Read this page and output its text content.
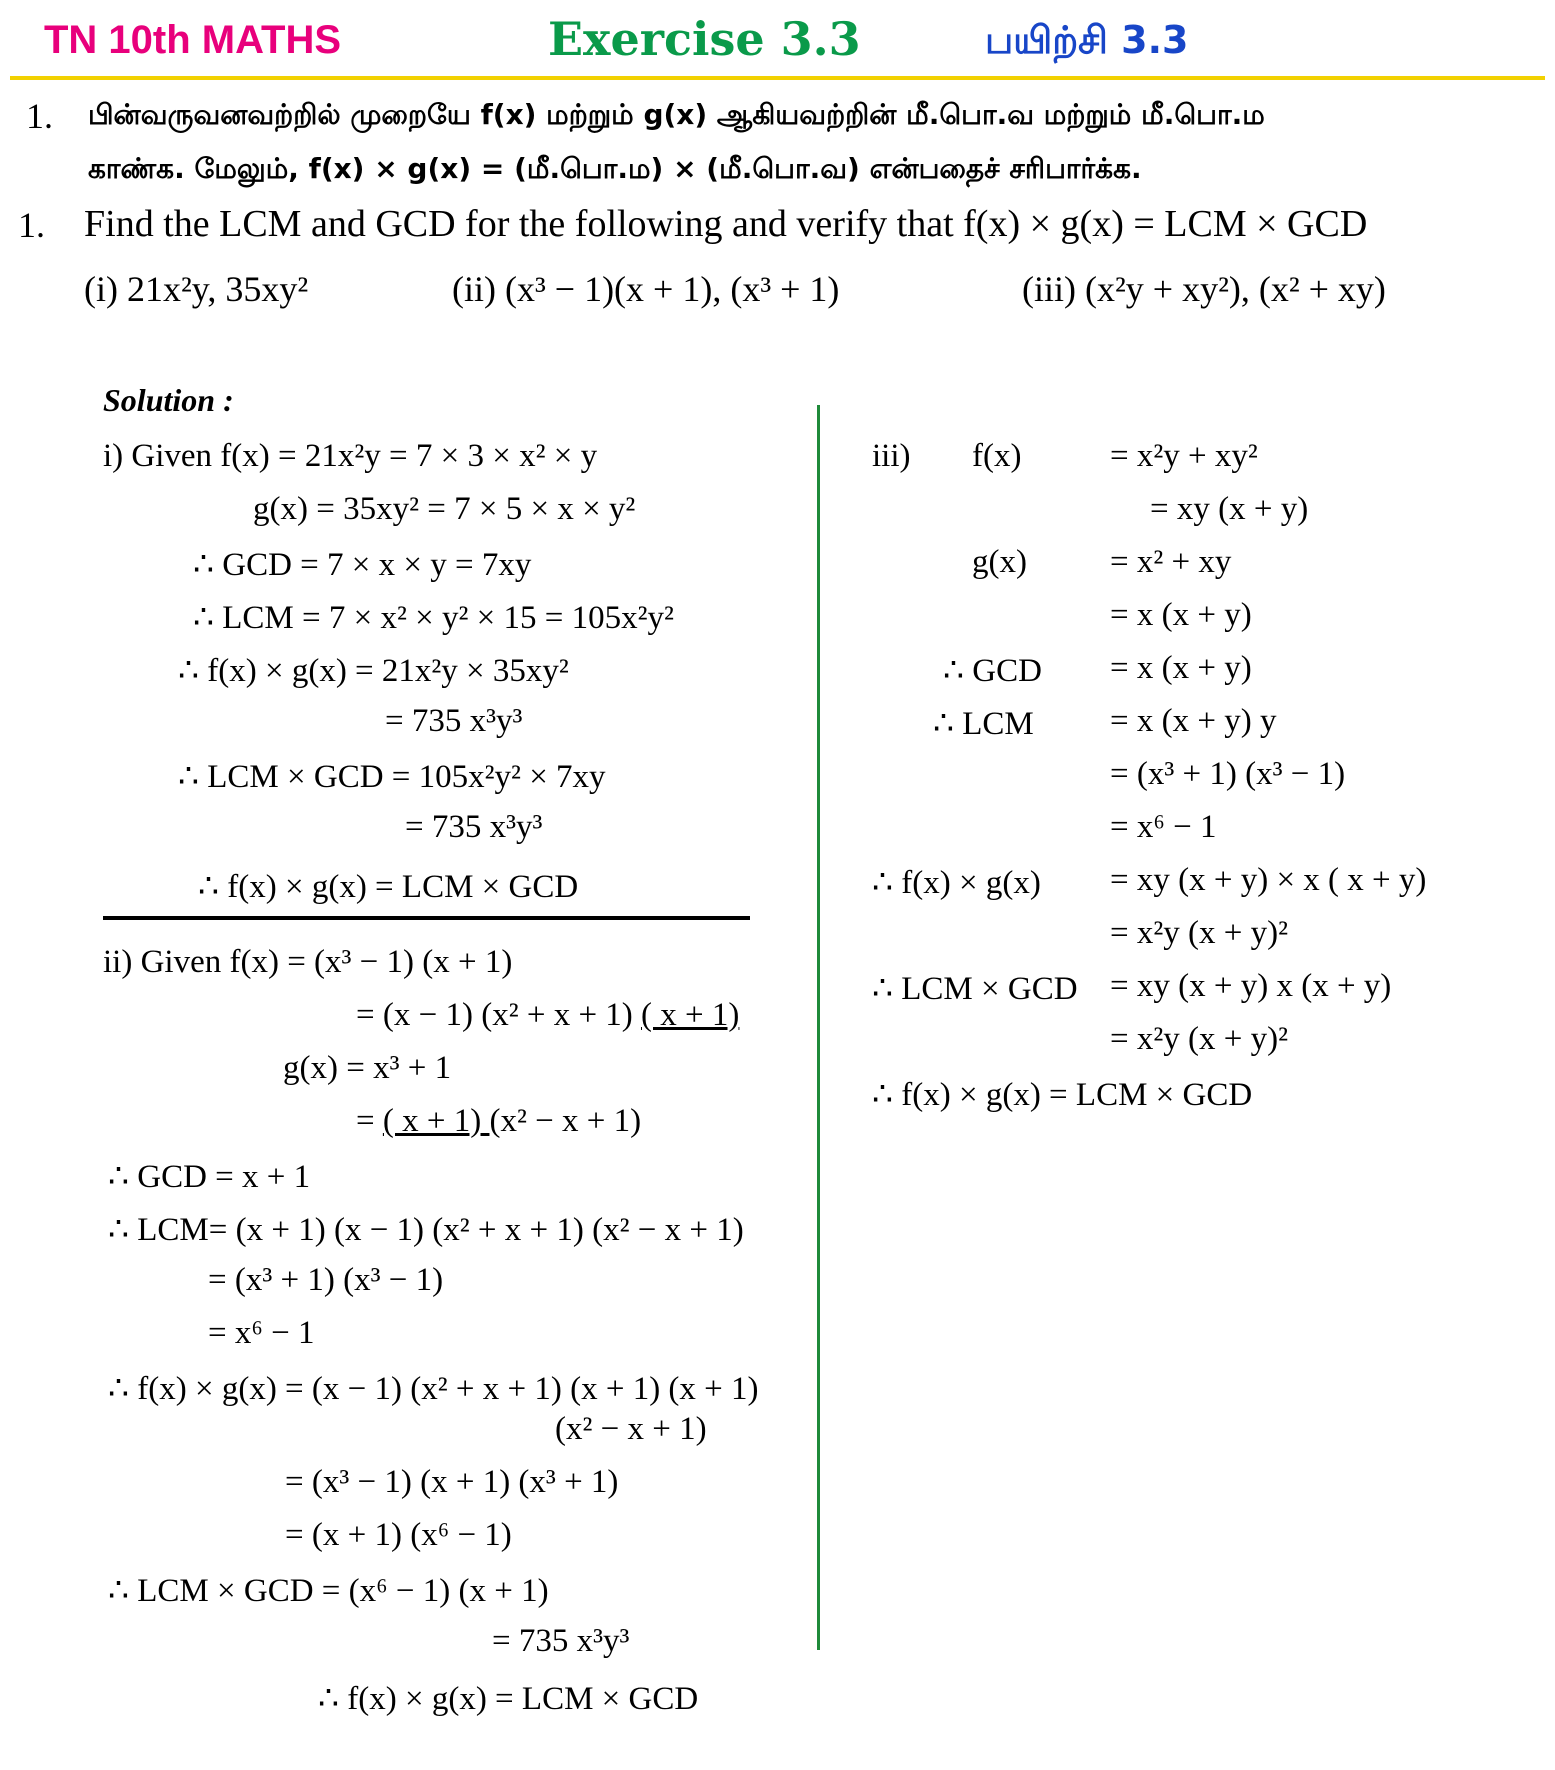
TN 10th MATHS	Exercise 3.3	பயிற்சி 3.3
1. பின்வருவனவற்றில் முறையே f(x) மற்றும் g(x) ஆகியவற்றின் மீ.பொ.வ மற்றும் மீ.பொ.ம
காண்க. மேலும், f(x) × g(x) = (மீ.பொ.ம) × (மீ.பொ.வ) என்பதைச் சரிபார்க்க.
1. Find the LCM and GCD for the following and verify that f(x) × g(x) = LCM × GCD
(i) 21x²y, 35xy²	(ii) (x³ − 1)(x + 1), (x³ + 1)	(iii) (x²y + xy²), (x² + xy)
Solution :
i) Given f(x) = 21x²y = 7 × 3 × x² × y
g(x) = 35xy² = 7 × 5 × x × y²
∴ GCD = 7 × x × y = 7xy
∴ LCM = 7 × x² × y² × 15 = 105x²y²
∴ f(x) × g(x) = 21x²y × 35xy²
= 735 x³y³
∴ LCM × GCD = 105x²y² × 7xy
= 735 x³y³
∴ f(x) × g(x) = LCM × GCD
ii) Given f(x) = (x³ − 1) (x + 1)
= (x − 1) (x² + x + 1) ( x + 1)
g(x) = x³ + 1
= ( x + 1) (x² − x + 1)
∴ GCD = x + 1
∴ LCM= (x + 1) (x − 1) (x² + x + 1) (x² − x + 1)
= (x³ + 1) (x³ − 1)
= x⁶ − 1
∴ f(x) × g(x) = (x − 1) (x² + x + 1) (x + 1) (x + 1)
(x² − x + 1)
= (x³ − 1) (x + 1) (x³ + 1)
= (x + 1) (x⁶ − 1)
∴ LCM × GCD = (x⁶ − 1) (x + 1)
= 735 x³y³
∴ f(x) × g(x) = LCM × GCD
iii) f(x)	= x²y + xy²
= xy (x + y)
g(x)	= x² + xy
= x (x + y)
∴ GCD = x (x + y)
∴ LCM = x (x + y) y
= (x³ + 1) (x³ − 1)
= x⁶ − 1
∴ f(x) × g(x) = xy (x + y) × x ( x + y)
= x²y (x + y)²
∴ LCM × GCD = xy (x + y) x (x + y)
= x²y (x + y)²
∴ f(x) × g(x) = LCM × GCD
